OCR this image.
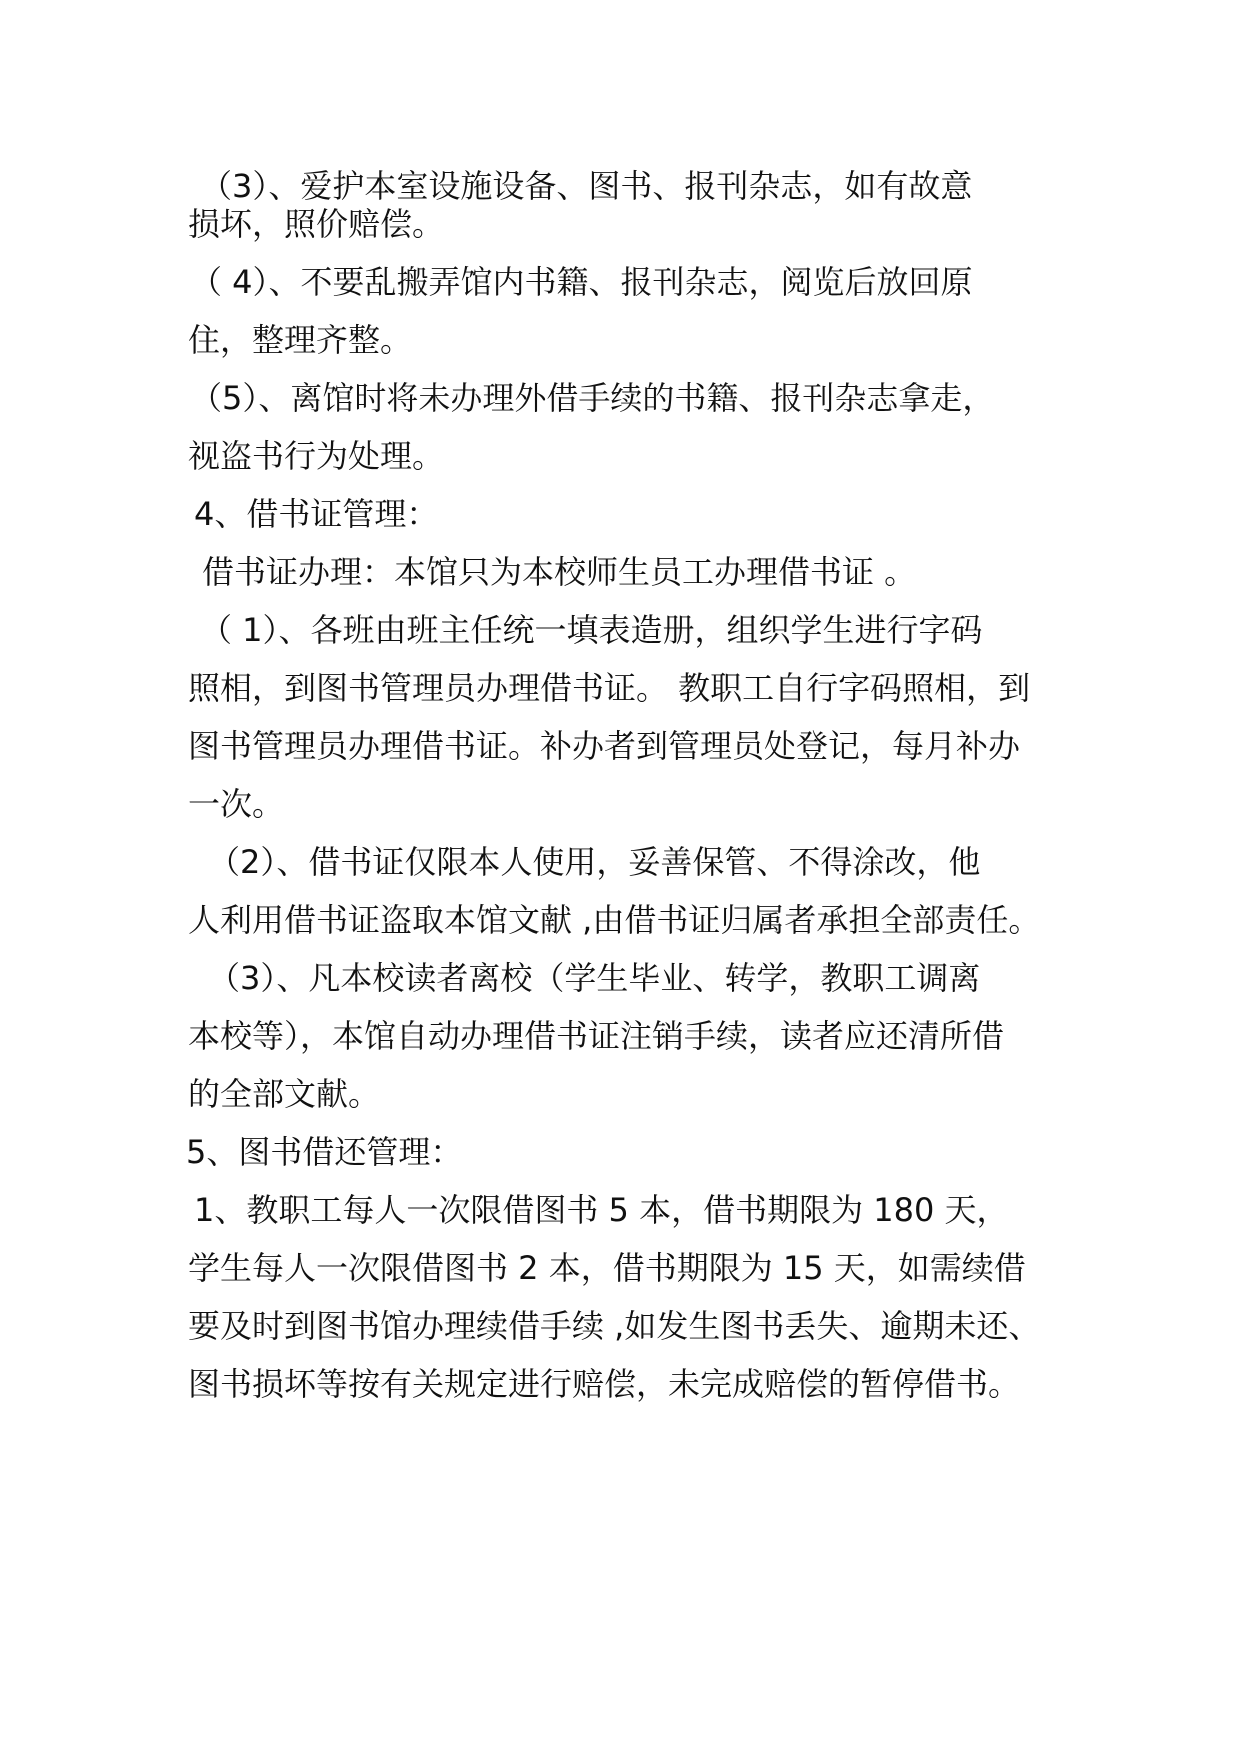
（3）、爱护本室设施设备、图书、报刊杂志，如有故意
损坏，照价赔偿。
（ 4）、不要乱搬弄馆内书籍、报刊杂志，阅览后放回原
住，整理齐整。
（5）、离馆时将未办理外借手续的书籍、报刊杂志拿走，
视盗书行为处理。
4、借书证管理：
借书证办理：本馆只为本校师生员工办理借书证 。
（ 1）、各班由班主任统一填表造册，组织学生进行字码
照相，到图书管理员办理借书证。 教职工自行字码照相，到
图书管理员办理借书证。补办者到管理员处登记，每月补办
一次。
（2）、借书证仅限本人使用，妥善保管、不得涂改，他
人利用借书证盗取本馆文献 ,由借书证归属者承担全部责任。
（3）、凡本校读者离校（学生毕业、转学，教职工调离
本校等），本馆自动办理借书证注销手续，读者应还清所借
的全部文献。
5、图书借还管理：
1、教职工每人一次限借图书 5 本，借书期限为 180 天，
学生每人一次限借图书 2 本，借书期限为 15 天，如需续借
要及时到图书馆办理续借手续 ,如发生图书丢失、逾期未还、
图书损坏等按有关规定进行赔偿，未完成赔偿的暂停借书。
